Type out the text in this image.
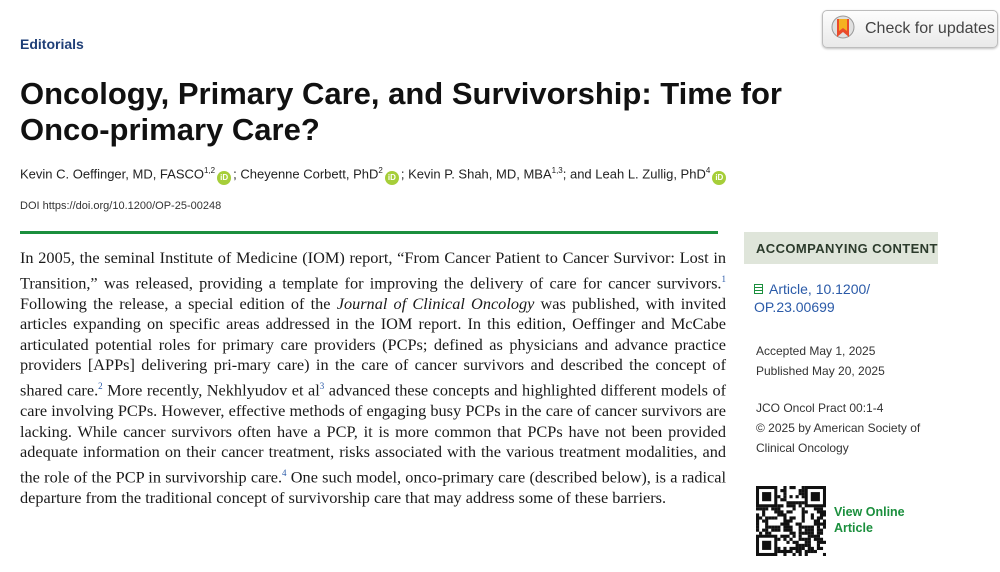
Editorials
Check for updates
Oncology, Primary Care, and Survivorship: Time for Onco-primary Care?
Kevin C. Oeffinger, MD, FASCO$^{1,2}$iD ; Cheyenne Corbett, PhD$^2$iD ; Kevin P. Shah, MD, MBA$^{1,3}$; and Leah L. Zullig, PhD$^4$iD
DOI https://doi.org/10.1200/OP-25-00248

In 2005, the seminal Institute of Medicine (IOM) report, “From Cancer Patient to Cancer Survivor: Lost in Transition,” was released, providing a template for improving the delivery of care for cancer survivors.$^1$ Following the release, a special edition of the Journal of Clinical Oncology was published, with invited articles expanding on specific areas addressed in the IOM report. In this edition, Oeffinger and McCabe articulated potential roles for primary care providers (PCPs; defined as physicians and advance practice providers [APPs] delivering pri-mary care) in the care of cancer survivors and described the concept of shared care.$^2$ More recently, Nekhlyudov et $al^3$ advanced these concepts and highlighted different models of care involving PCPs. However, effective methods of engaging busy PCPs in the care of cancer survivors are lacking. While cancer survivors often have a PCP, it is more common that PCPs have not been provided adequate information on their cancer treatment, risks associated with the various treatment modalities, and the role of the PCP in survivorship care.$^4$ One such model, onco-primary care (described below), is a radical departure from the traditional concept of survivorship care that may address some of these barriers.

ACCOMPANYING CONTENT
Article, 10.1200/ OP.23.00699
Accepted May 1, 2025
Published May 20, 2025
JCO Oncol Pract 00:1-4
© 2025 by American Society of Clinical Oncology
View Online Article
